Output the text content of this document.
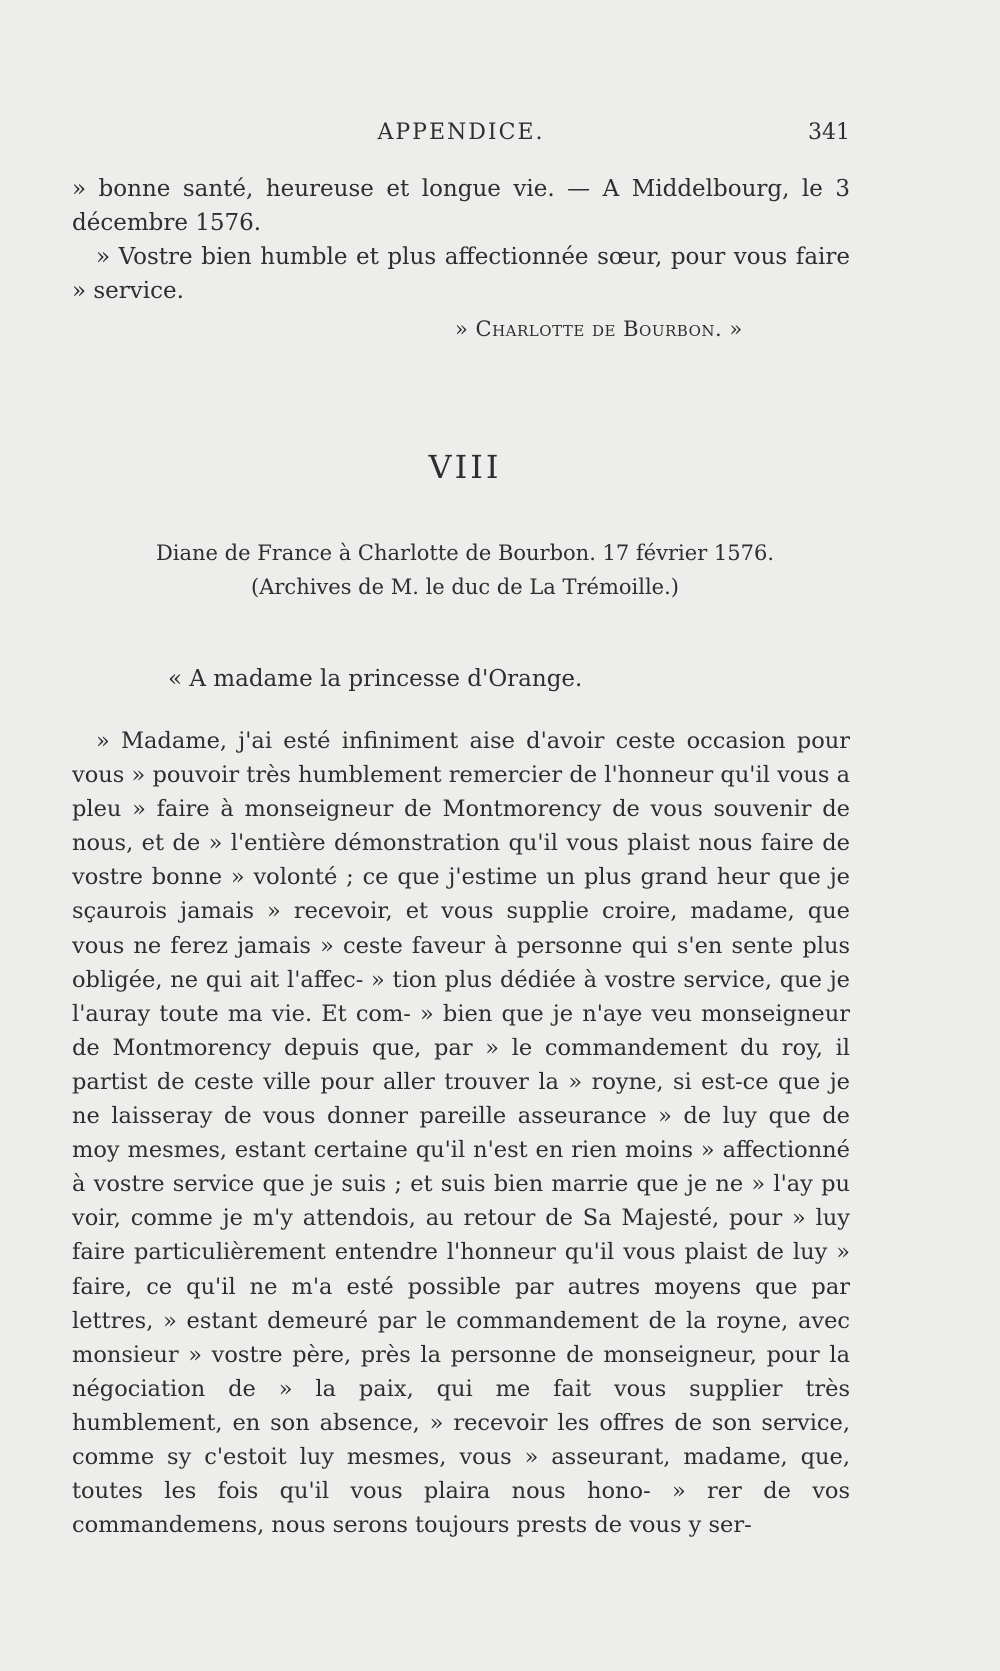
APPENDICE.	341

» bonne santé, heureuse et longue vie. — A Middelbourg, le 3 décembre 1576.

» Vostre bien humble et plus affectionnée sœur, pour vous faire » service.

» Charlotte de Bourbon. »
VIII
Diane de France à Charlotte de Bourbon. 17 février 1576.
(Archives de M. le duc de La Trémoille.)
« A madame la princesse d'Orange.
» Madame, j'ai esté infiniment aise d'avoir ceste occasion pour vous » pouvoir très humblement remercier de l'honneur qu'il vous a pleu » faire à monseigneur de Montmorency de vous souvenir de nous, et de » l'entière démonstration qu'il vous plaist nous faire de vostre bonne » volonté ; ce que j'estime un plus grand heur que je sçaurois jamais » recevoir, et vous supplie croire, madame, que vous ne ferez jamais » ceste faveur à personne qui s'en sente plus obligée, ne qui ait l'affec- » tion plus dédiée à vostre service, que je l'auray toute ma vie. Et com- » bien que je n'aye veu monseigneur de Montmorency depuis que, par » le commandement du roy, il partist de ceste ville pour aller trouver la » royne, si est-ce que je ne laisseray de vous donner pareille asseurance » de luy que de moy mesmes, estant certaine qu'il n'est en rien moins » affectionné à vostre service que je suis ; et suis bien marrie que je ne » l'ay pu voir, comme je m'y attendois, au retour de Sa Majesté, pour » luy faire particulièrement entendre l'honneur qu'il vous plaist de luy » faire, ce qu'il ne m'a esté possible par autres moyens que par lettres, » estant demeuré par le commandement de la royne, avec monsieur » vostre père, près la personne de monseigneur, pour la négociation de » la paix, qui me fait vous supplier très humblement, en son absence, » recevoir les offres de son service, comme sy c'estoit luy mesmes, vous » asseurant, madame, que, toutes les fois qu'il vous plaira nous hono- » rer de vos commandemens, nous serons toujours prests de vous y ser-
